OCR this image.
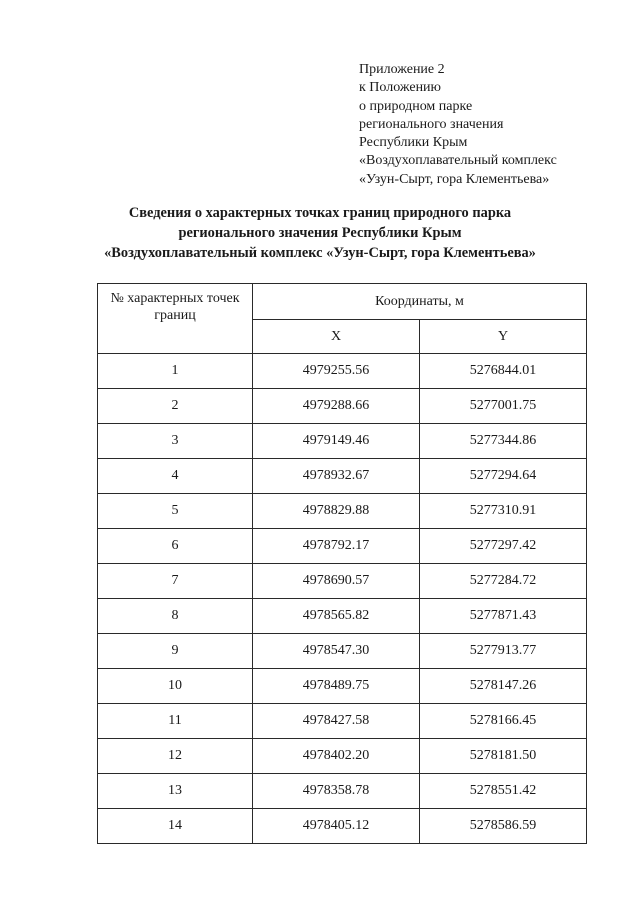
Приложение 2
к Положению
о природном парке
регионального значения
Республики Крым
«Воздухоплавательный комплекс
«Узун-Сырт, гора Клементьева»
Сведения о характерных точках границ природного парка
регионального значения Республики Крым
«Воздухоплавательный комплекс «Узун-Сырт, гора Клементьева»
№ характерных точек границ	Координаты, м	
	X	Y
1	4979255.56	5276844.01
2	4979288.66	5277001.75
3	4979149.46	5277344.86
4	4978932.67	5277294.64
5	4978829.88	5277310.91
6	4978792.17	5277297.42
7	4978690.57	5277284.72
8	4978565.82	5277871.43
9	4978547.30	5277913.77
10	4978489.75	5278147.26
11	4978427.58	5278166.45
12	4978402.20	5278181.50
13	4978358.78	5278551.42
14	4978405.12	5278586.59
